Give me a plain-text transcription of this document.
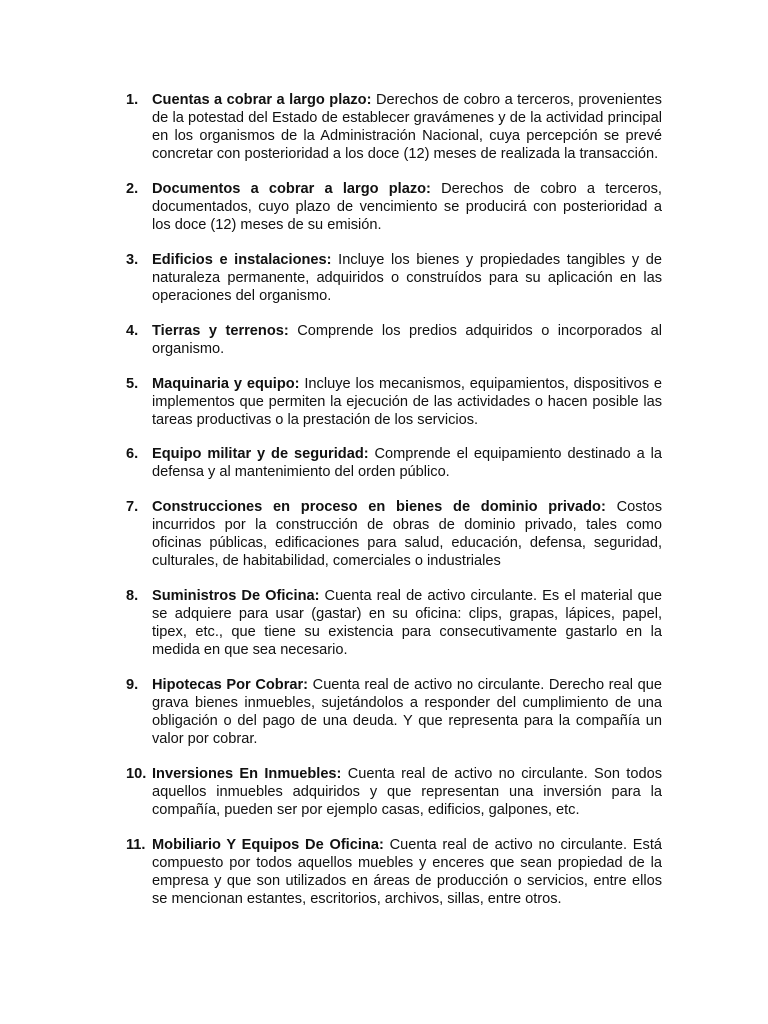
1. Cuentas a cobrar a largo plazo: Derechos de cobro a terceros, provenientes de la potestad del Estado de establecer gravámenes y de la actividad principal en los organismos de la Administración Nacional, cuya percepción se prevé concretar con posterioridad a los doce (12) meses de realizada la transacción.
2. Documentos a cobrar a largo plazo: Derechos de cobro a terceros, documentados, cuyo plazo de vencimiento se producirá con posterioridad a los doce (12) meses de su emisión.
3. Edificios e instalaciones: Incluye los bienes y propiedades tangibles y de naturaleza permanente, adquiridos o construídos para su aplicación en las operaciones del organismo.
4. Tierras y terrenos: Comprende los predios adquiridos o incorporados al organismo.
5. Maquinaria y equipo: Incluye los mecanismos, equipamientos, dispositivos e implementos que permiten la ejecución de las actividades o hacen posible las tareas productivas o la prestación de los servicios.
6. Equipo militar y de seguridad: Comprende el equipamiento destinado a la defensa y al mantenimiento del orden público.
7. Construcciones en proceso en bienes de dominio privado: Costos incurridos por la construcción de obras de dominio privado, tales como oficinas públicas, edificaciones para salud, educación, defensa, seguridad, culturales, de habitabilidad, comerciales o industriales
8. Suministros De Oficina: Cuenta real de activo circulante. Es el material que se adquiere para usar (gastar) en su oficina: clips, grapas, lápices, papel, tipex, etc., que tiene su existencia para consecutivamente gastarlo en la medida en que sea necesario.
9. Hipotecas Por Cobrar: Cuenta real de activo no circulante. Derecho real que grava bienes inmuebles, sujetándolos a responder del cumplimiento de una obligación o del pago de una deuda. Y que representa para la compañía un valor por cobrar.
10. Inversiones En Inmuebles: Cuenta real de activo no circulante. Son todos aquellos inmuebles adquiridos y que representan una inversión para la compañía, pueden ser por ejemplo casas, edificios, galpones, etc.
11. Mobiliario Y Equipos De Oficina: Cuenta real de activo no circulante. Está compuesto por todos aquellos muebles y enceres que sean propiedad de la empresa y que son utilizados en áreas de producción o servicios, entre ellos se mencionan estantes, escritorios, archivos, sillas, entre otros.
